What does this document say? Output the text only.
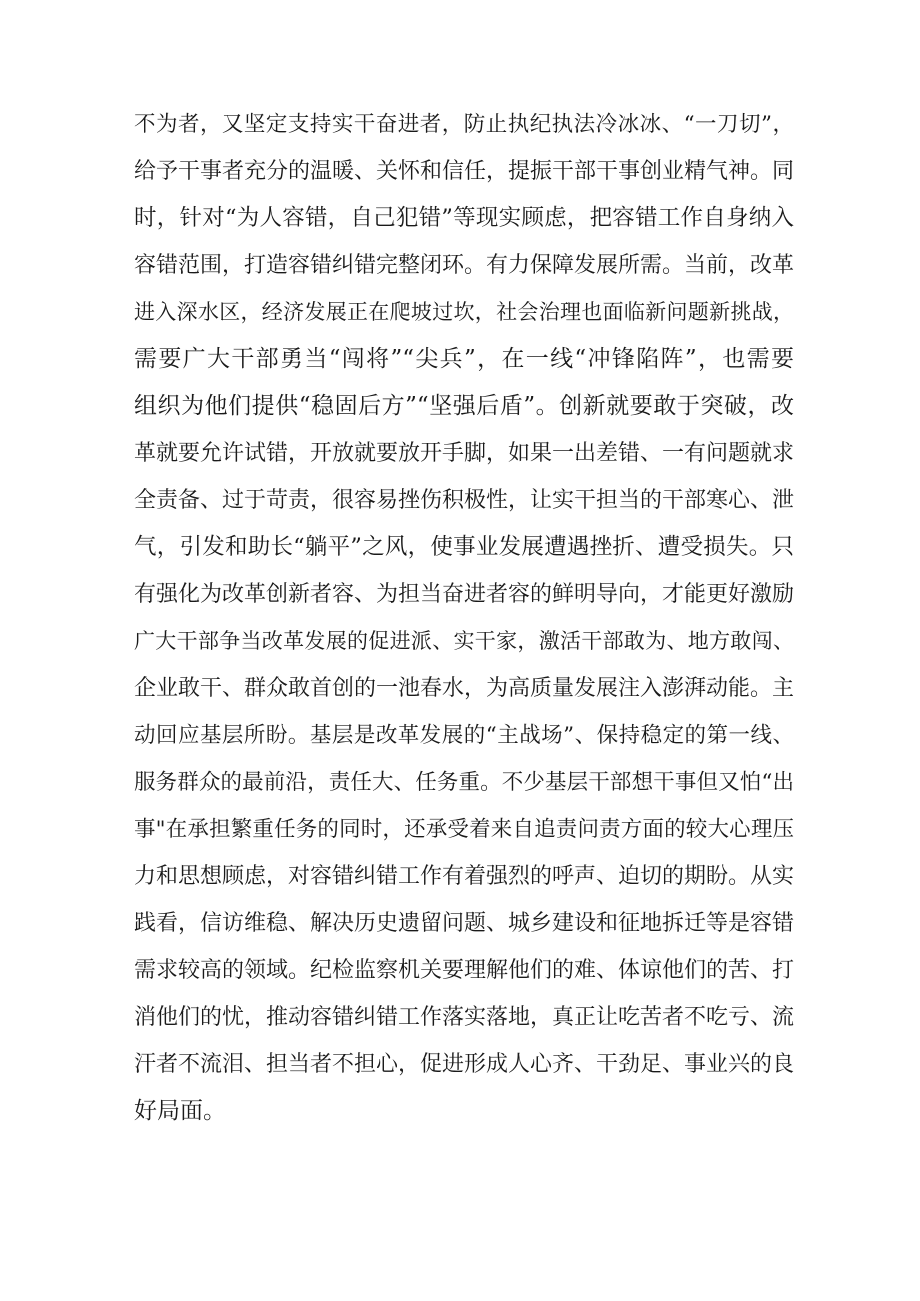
不为者，又坚定支持实干奋进者，防止执纪执法冷冰冰、“一刀切”，
给予干事者充分的温暖、关怀和信任，提振干部干事创业精气神。同
时，针对“为人容错，自己犯错”等现实顾虑，把容错工作自身纳入
容错范围，打造容错纠错完整闭环。有力保障发展所需。当前，改革
进入深水区，经济发展正在爬坡过坎，社会治理也面临新问题新挑战，
需要广大干部勇当“闯将”“尖兵”，在一线“冲锋陷阵”，也需要
组织为他们提供“稳固后方”“坚强后盾”。创新就要敢于突破，改
革就要允许试错，开放就要放开手脚，如果一出差错、一有问题就求
全责备、过于苛责，很容易挫伤积极性，让实干担当的干部寒心、泄
气，引发和助长“躺平”之风，使事业发展遭遇挫折、遭受损失。只
有强化为改革创新者容、为担当奋进者容的鲜明导向，才能更好激励
广大干部争当改革发展的促进派、实干家，激活干部敢为、地方敢闯、
企业敢干、群众敢首创的一池春水，为高质量发展注入澎湃动能。主
动回应基层所盼。基层是改革发展的“主战场”、保持稳定的第一线、
服务群众的最前沿，责任大、任务重。不少基层干部想干事但又怕“出
事"在承担繁重任务的同时，还承受着来自追责问责方面的较大心理压
力和思想顾虑，对容错纠错工作有着强烈的呼声、迫切的期盼。从实
践看，信访维稳、解决历史遗留问题、城乡建设和征地拆迁等是容错
需求较高的领域。纪检监察机关要理解他们的难、体谅他们的苦、打
消他们的忧，推动容错纠错工作落实落地，真正让吃苦者不吃亏、流
汗者不流泪、担当者不担心，促进形成人心齐、干劲足、事业兴的良
好局面。
